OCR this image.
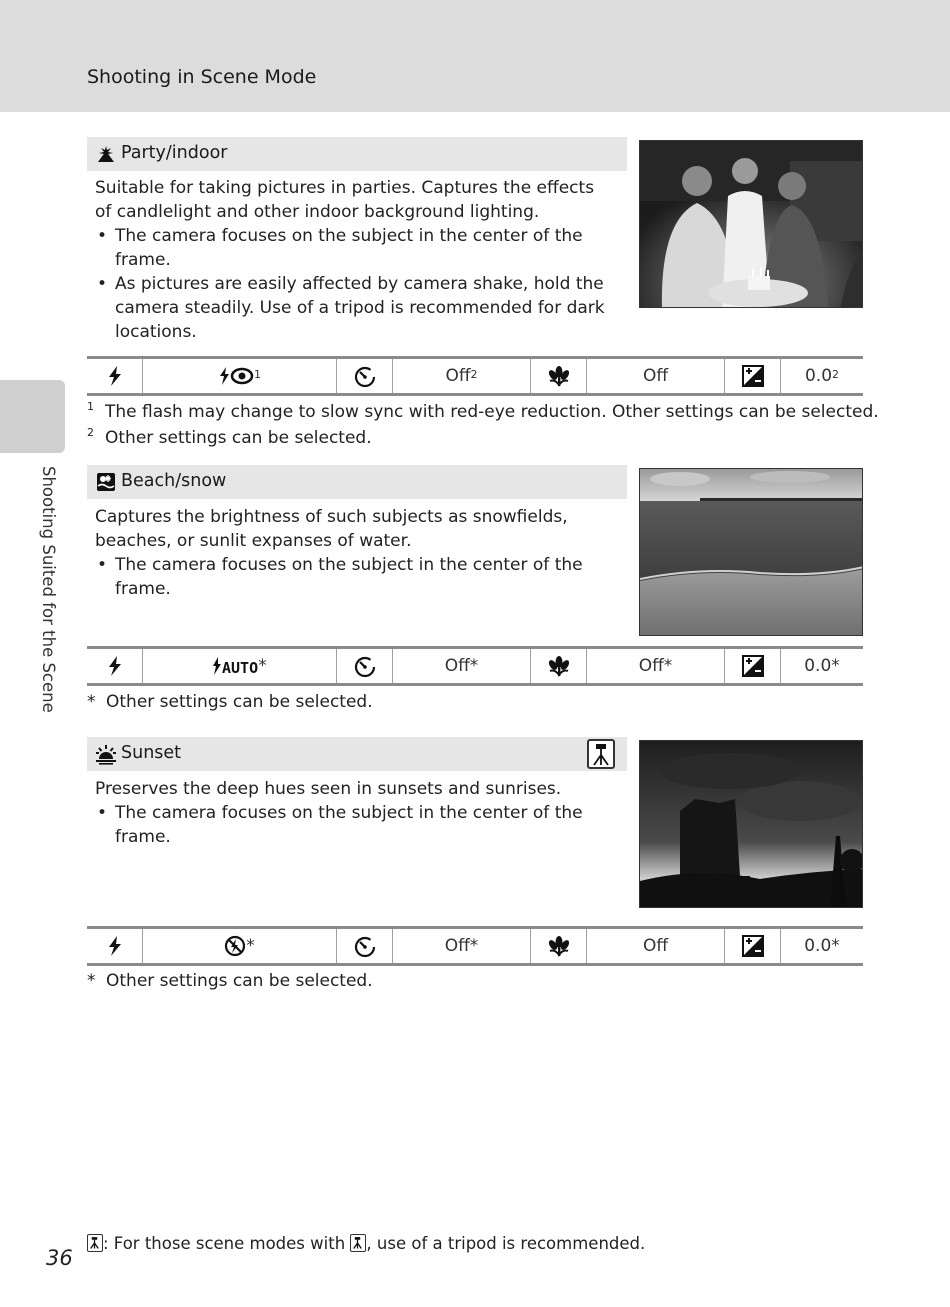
Shooting in Scene Mode
Shooting Suited for the Scene
Party/indoor

Suitable for taking pictures in parties. Captures the effects of candlelight and other indoor background lighting.

• The camera focuses on the subject in the center of the frame.
• As pictures are easily affected by camera shake, hold the camera steadily. Use of a tripod is recommended for dark locations.
$^1$	Off$^2$	Off	$0.0^2$
1 The flash may change to slow sync with red-eye reduction. Other settings can be selected.
2 Other settings can be selected.
Beach/snow

Captures the brightness of such subjects as snowfields, beaches, or sunlit expanses of water.

• The camera focuses on the subject in the center of the frame.
AUTO *	Off*	Off*	0.0*
* Other settings can be selected.
Sunset

Preserves the deep hues seen in sunsets and sunrises.

• The camera focuses on the subject in the center of the frame.
*	Off*	Off	0.0*
* Other settings can be selected.
36
: For those scene modes with
, use of a tripod is recommended.
